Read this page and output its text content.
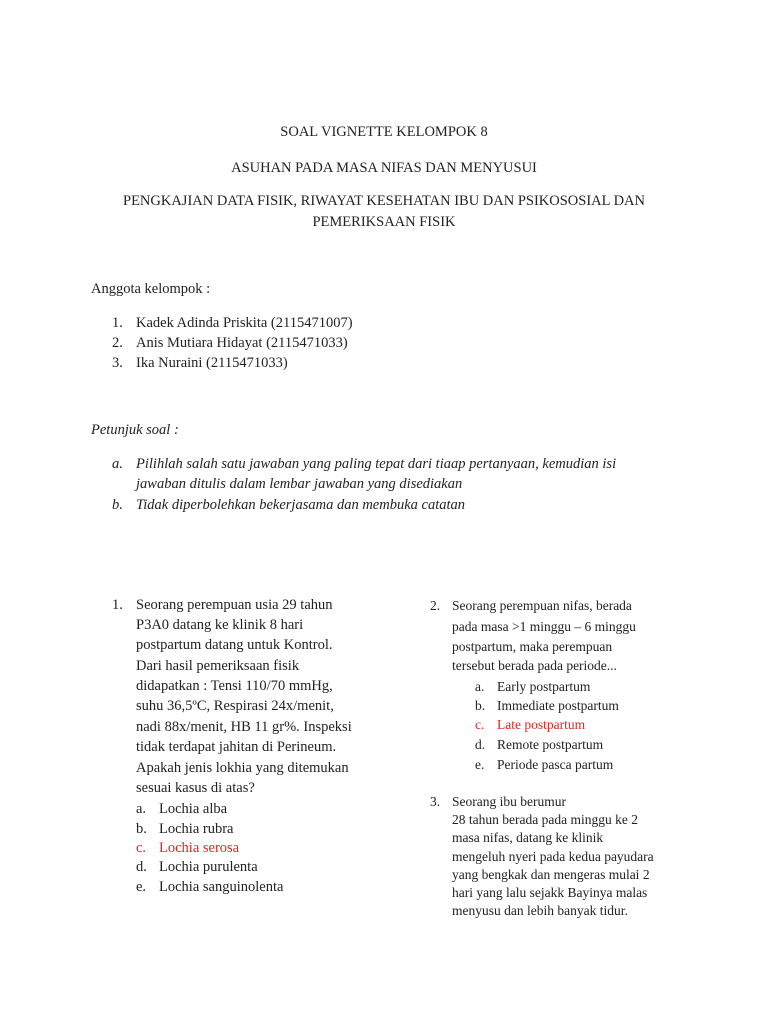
SOAL VIGNETTE KELOMPOK 8
ASUHAN PADA MASA NIFAS DAN MENYUSUI
PENGKAJIAN DATA FISIK, RIWAYAT KESEHATAN IBU DAN PSIKOSOSIAL DAN
PEMERIKSAAN FISIK
Anggota kelompok :
1. Kadek Adinda Priskita (2115471007)
2. Anis Mutiara Hidayat (2115471033)
3. Ika Nuraini (2115471033)
Petunjuk soal :
a. Pilihlah salah satu jawaban yang paling tepat dari tiaap pertanyaan, kemudian isi
jawaban ditulis dalam lembar jawaban yang disediakan
b. Tidak diperbolehkan bekerjasama dan membuka catatan
1. Seorang perempuan usia 29 tahun
P3A0 datang ke klinik 8 hari
postpartum datang untuk Kontrol.
Dari hasil pemeriksaan fisik
didapatkan : Tensi 110/70 mmHg,
suhu 36,5ºC, Respirasi 24x/menit,
nadi 88x/menit, HB 11 gr%. Inspeksi
tidak terdapat jahitan di Perineum.
Apakah jenis lokhia yang ditemukan
sesuai kasus di atas?
a. Lochia alba
b. Lochia rubra
c. Lochia serosa
d. Lochia purulenta
e. Lochia sanguinolenta
2. Seorang perempuan nifas, berada
pada masa >1 minggu – 6 minggu
postpartum, maka perempuan
tersebut berada pada periode...
a. Early postpartum
b. Immediate postpartum
c. Late postpartum
d. Remote postpartum
e. Periode pasca partum
3. Seorang ibu berumur
28 tahun berada pada minggu ke 2
masa nifas, datang ke klinik
mengeluh nyeri pada kedua payudara
yang bengkak dan mengeras mulai 2
hari yang lalu sejakk Bayinya malas
menyusu dan lebih banyak tidur.
